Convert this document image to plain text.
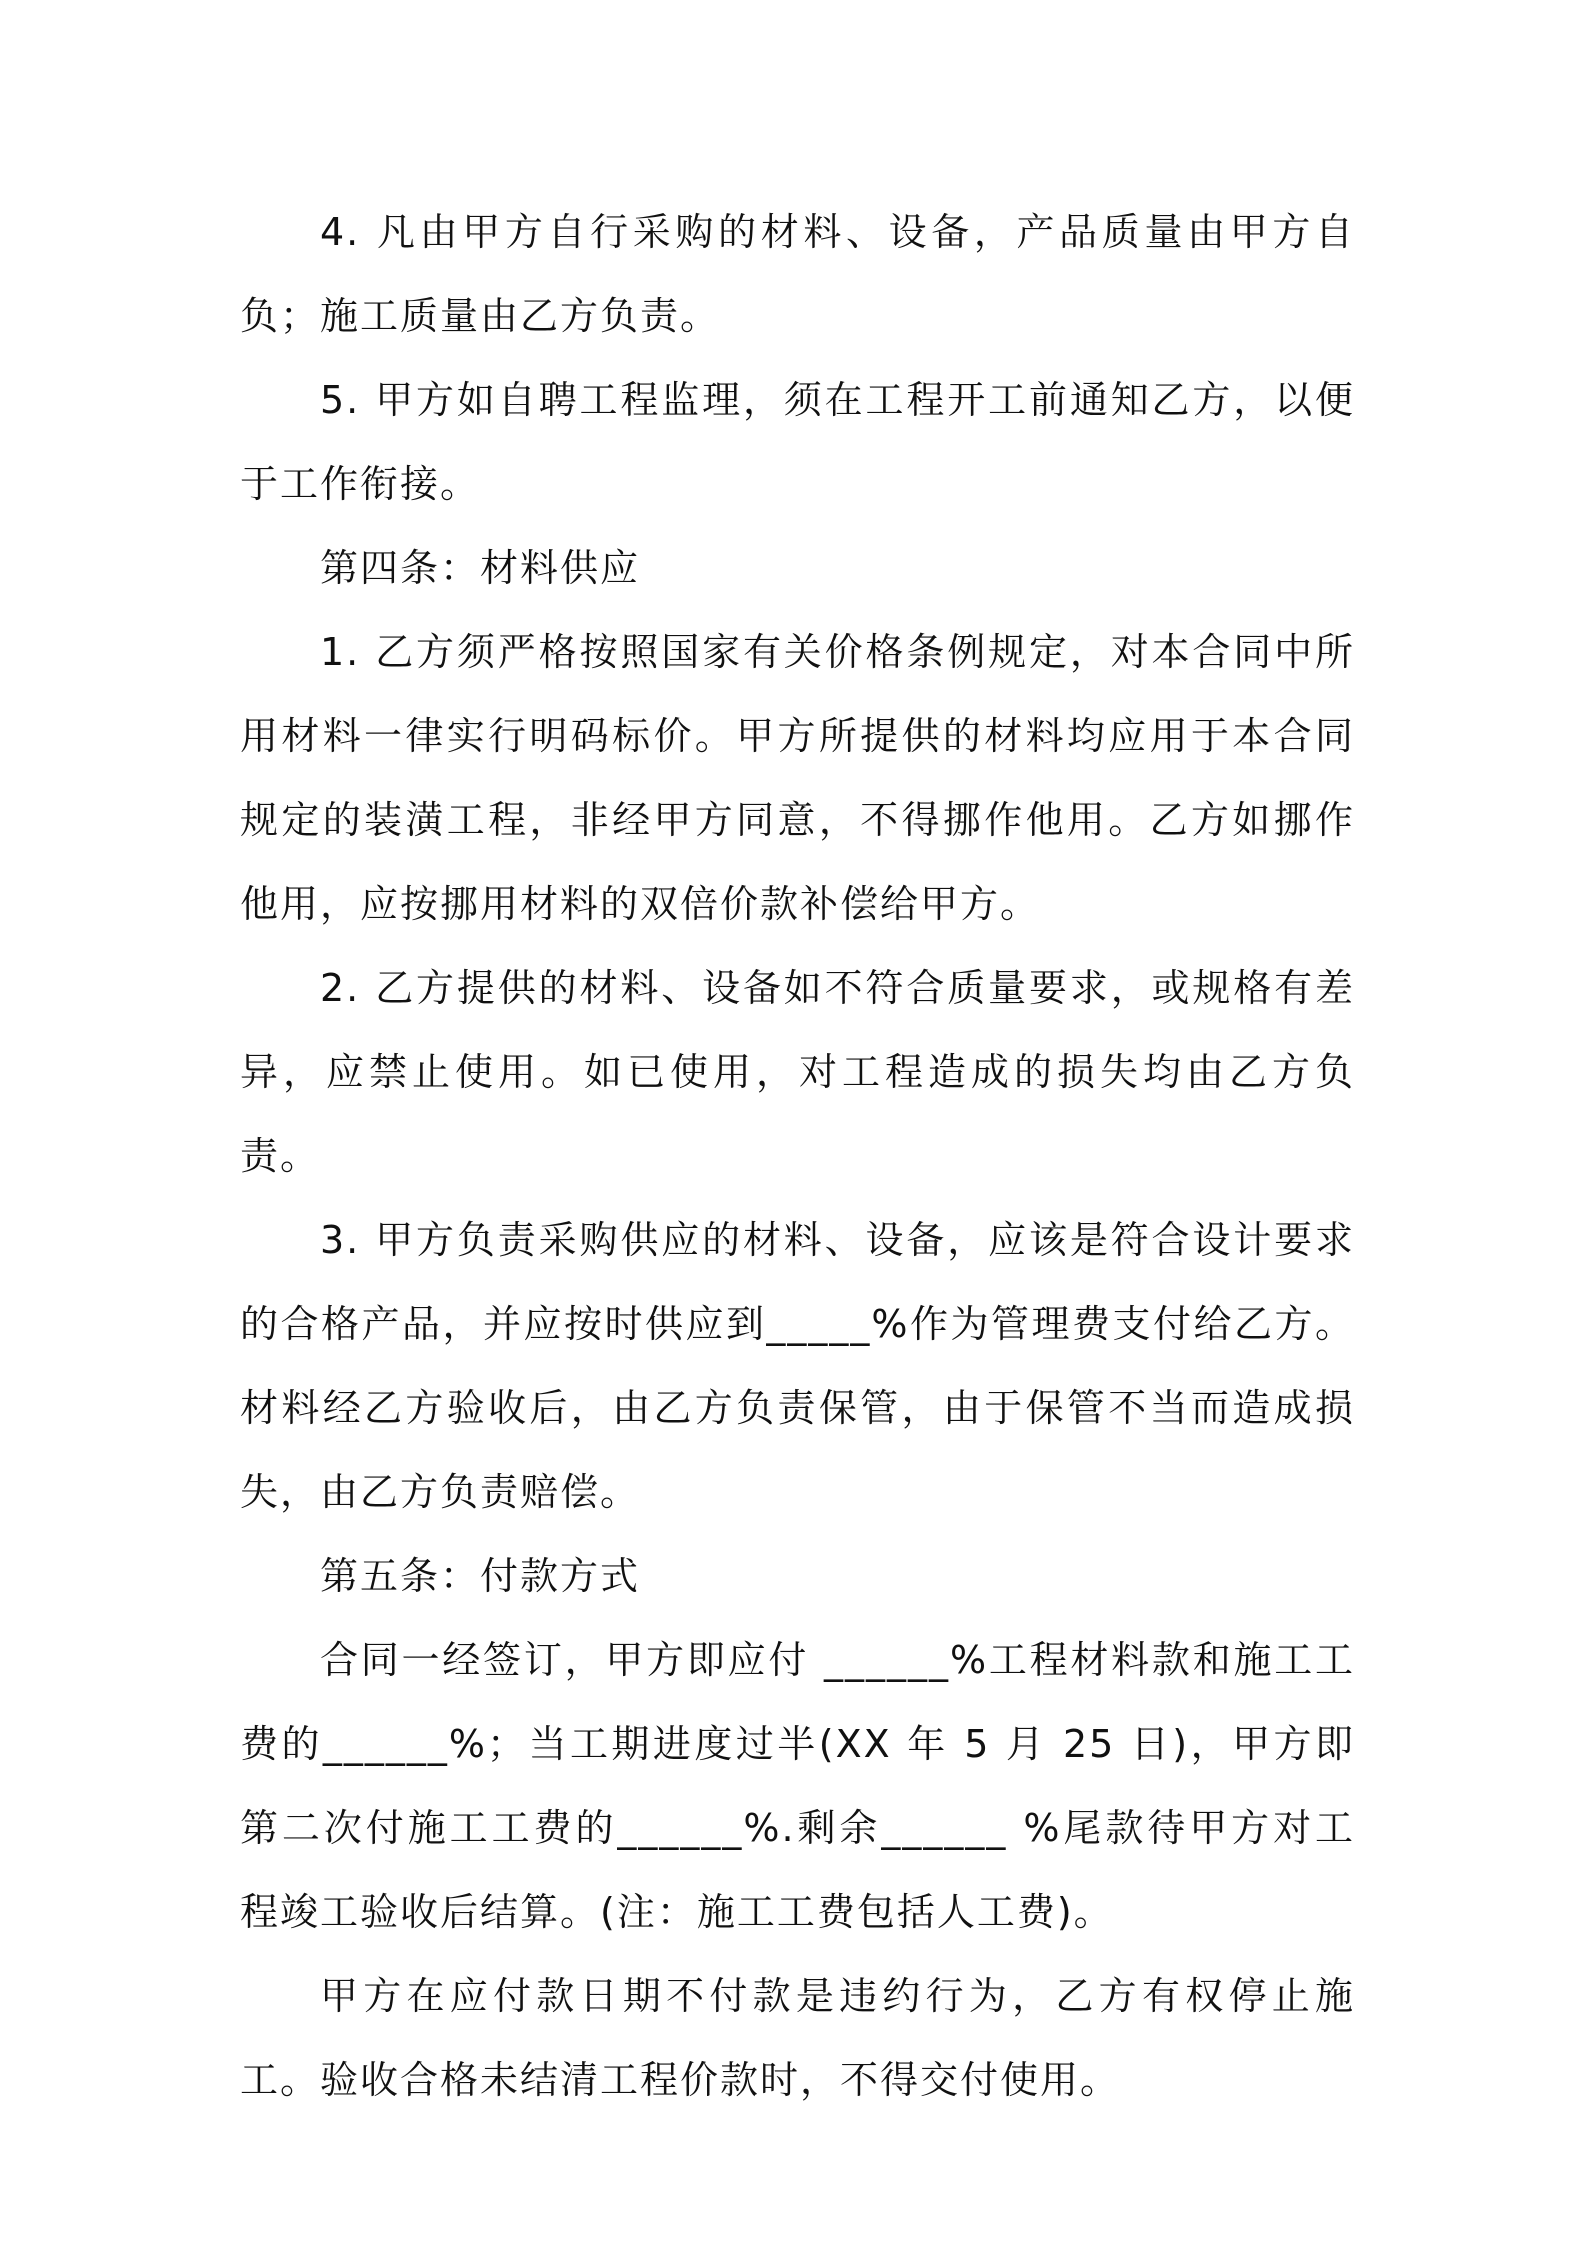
4. 凡由甲方自行采购的材料、设备，产品质量由甲方自负；施工质量由乙方负责。

5. 甲方如自聘工程监理，须在工程开工前通知乙方，以便于工作衔接。

第四条：材料供应

1. 乙方须严格按照国家有关价格条例规定，对本合同中所用材料一律实行明码标价。甲方所提供的材料均应用于本合同规定的装潢工程，非经甲方同意，不得挪作他用。乙方如挪作他用，应按挪用材料的双倍价款补偿给甲方。

2. 乙方提供的材料、设备如不符合质量要求，或规格有差异，应禁止使用。如已使用，对工程造成的损失均由乙方负责。

3. 甲方负责采购供应的材料、设备，应该是符合设计要求的合格产品，并应按时供应到_____%作为管理费支付给乙方。材料经乙方验收后，由乙方负责保管，由于保管不当而造成损失，由乙方负责赔偿。

第五条：付款方式

合同一经签订，甲方即应付 ______%工程材料款和施工工费的______%；当工期进度过半(XX 年 5 月 25 日)，甲方即第二次付施工工费的______%.剩余______ %尾款待甲方对工程竣工验收后结算。(注：施工工费包括人工费)。

甲方在应付款日期不付款是违约行为，乙方有权停止施工。验收合格未结清工程价款时，不得交付使用。
